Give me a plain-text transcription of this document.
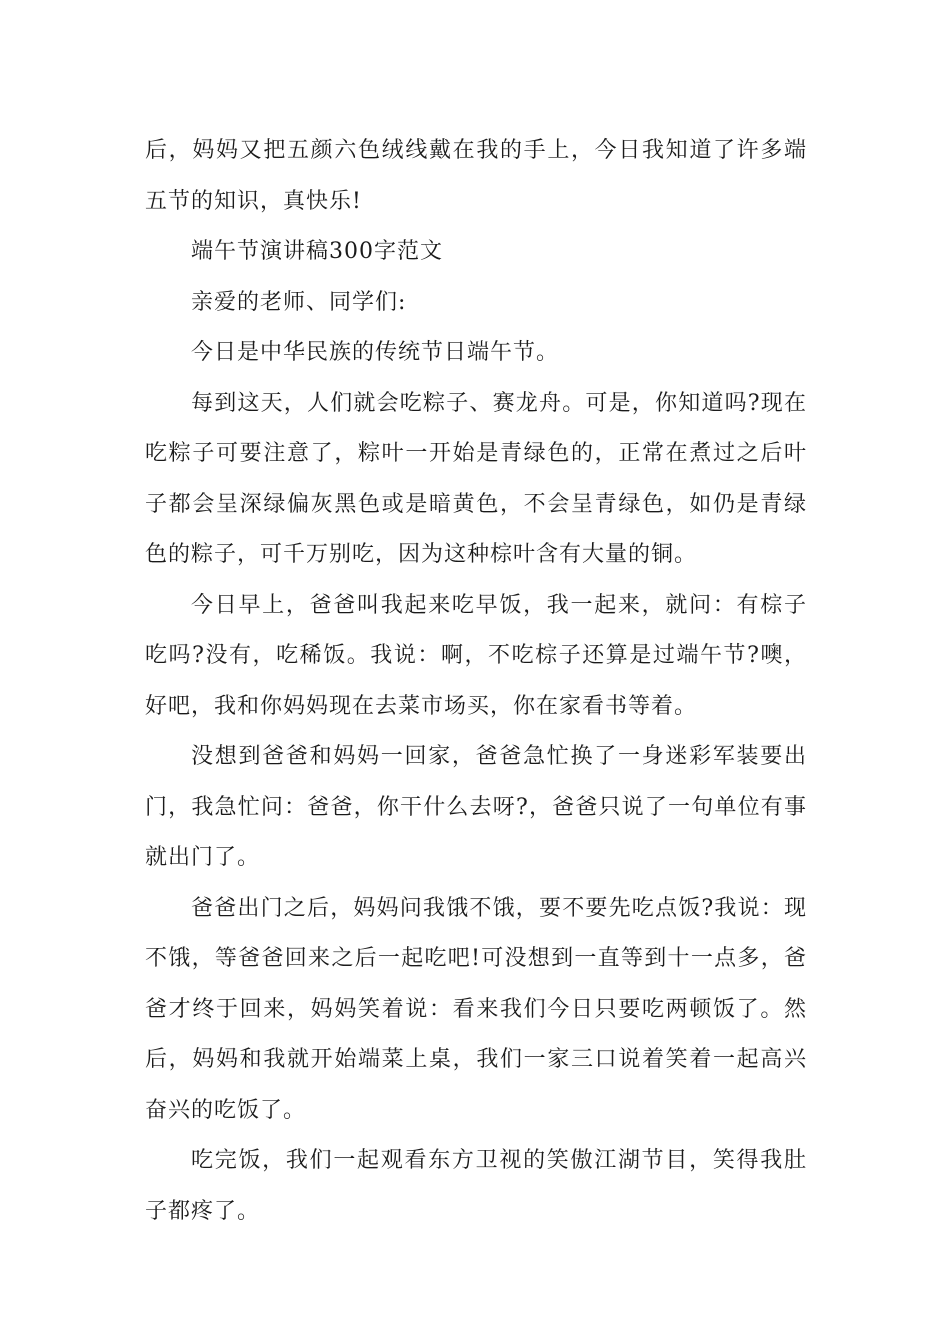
后，妈妈又把五颜六色绒线戴在我的手上，今日我知道了许多端五节的知识，真快乐!

端午节演讲稿300字范文

亲爱的老师、同学们:

今日是中华民族的传统节日端午节。

每到这天，人们就会吃粽子、赛龙舟。可是，你知道吗?现在吃粽子可要注意了，粽叶一开始是青绿色的，正常在煮过之后叶子都会呈深绿偏灰黑色或是暗黄色，不会呈青绿色，如仍是青绿色的粽子，可千万别吃，因为这种棕叶含有大量的铜。

今日早上，爸爸叫我起来吃早饭，我一起来，就问：有棕子吃吗?没有，吃稀饭。我说：啊，不吃棕子还算是过端午节?噢，好吧，我和你妈妈现在去菜市场买，你在家看书等着。

没想到爸爸和妈妈一回家，爸爸急忙换了一身迷彩军装要出门，我急忙问：爸爸，你干什么去呀?，爸爸只说了一句单位有事就出门了。

爸爸出门之后，妈妈问我饿不饿，要不要先吃点饭?我说：现不饿，等爸爸回来之后一起吃吧!可没想到一直等到十一点多，爸爸才终于回来，妈妈笑着说：看来我们今日只要吃两顿饭了。然后，妈妈和我就开始端菜上桌，我们一家三口说着笑着一起高兴奋兴的吃饭了。

吃完饭，我们一起观看东方卫视的笑傲江湖节目，笑得我肚子都疼了。
